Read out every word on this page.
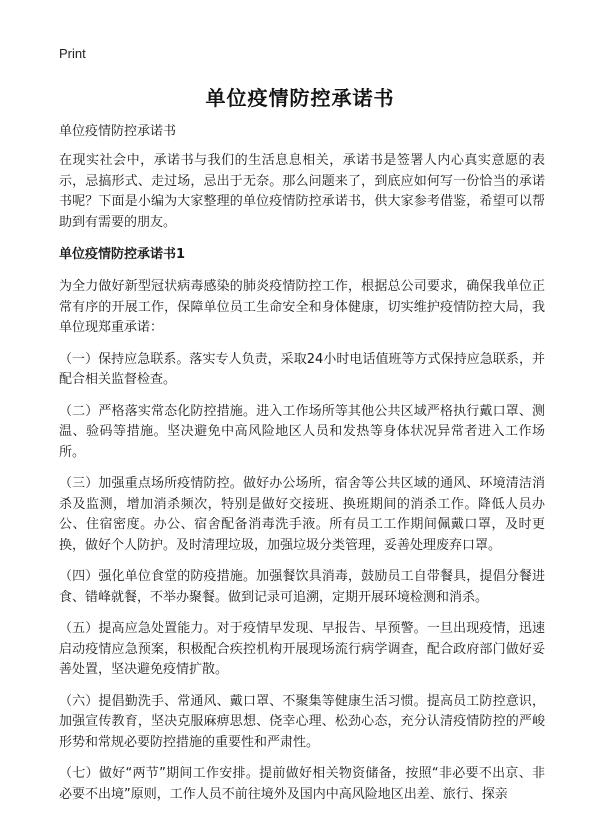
Print
单位疫情防控承诺书
单位疫情防控承诺书

在现实社会中，承诺书与我们的生活息息相关，承诺书是签署人内心真实意愿的表示，忌搞形式、走过场，忌出于无奈。那么问题来了，到底应如何写一份恰当的承诺书呢？下面是小编为大家整理的单位疫情防控承诺书，供大家参考借鉴，希望可以帮助到有需要的朋友。

单位疫情防控承诺书1

为全力做好新型冠状病毒感染的肺炎疫情防控工作，根据总公司要求，确保我单位正常有序的开展工作，保障单位员工生命安全和身体健康，切实维护疫情防控大局，我单位现郑重承诺：

（一）保持应急联系。落实专人负责，采取24小时电话值班等方式保持应急联系，并配合相关监督检查。

（二）严格落实常态化防控措施。进入工作场所等其他公共区域严格执行戴口罩、测温、验码等措施。坚决避免中高风险地区人员和发热等身体状况异常者进入工作场所。

（三）加强重点场所疫情防控。做好办公场所，宿舍等公共区域的通风、环境清洁消杀及监测，增加消杀频次，特别是做好交接班、换班期间的消杀工作。降低人员办公、住宿密度。办公、宿舍配备消毒洗手液。所有员工工作期间佩戴口罩，及时更换，做好个人防护。及时清理垃圾，加强垃圾分类管理，妥善处理废弃口罩。

（四）强化单位食堂的防疫措施。加强餐饮具消毒，鼓励员工自带餐具，提倡分餐进食、错峰就餐，不举办聚餐。做到记录可追溯，定期开展环境检测和消杀。

（五）提高应急处置能力。对于疫情早发现、早报告、早预警。一旦出现疫情，迅速启动疫情应急预案，积极配合疾控机构开展现场流行病学调查，配合政府部门做好妥善处置，坚决避免疫情扩散。

（六）提倡勤洗手、常通风、戴口罩、不聚集等健康生活习惯。提高员工防控意识，加强宣传教育，坚决克服麻痹思想、侥幸心理、松劲心态，充分认清疫情防控的严峻形势和常规必要防控措施的重要性和严肃性。

（七）做好“两节”期间工作安排。提前做好相关物资储备，按照“非必要不出京、非必要不出境”原则，工作人员不前往境外及国内中高风险地区出差、旅行、探亲
